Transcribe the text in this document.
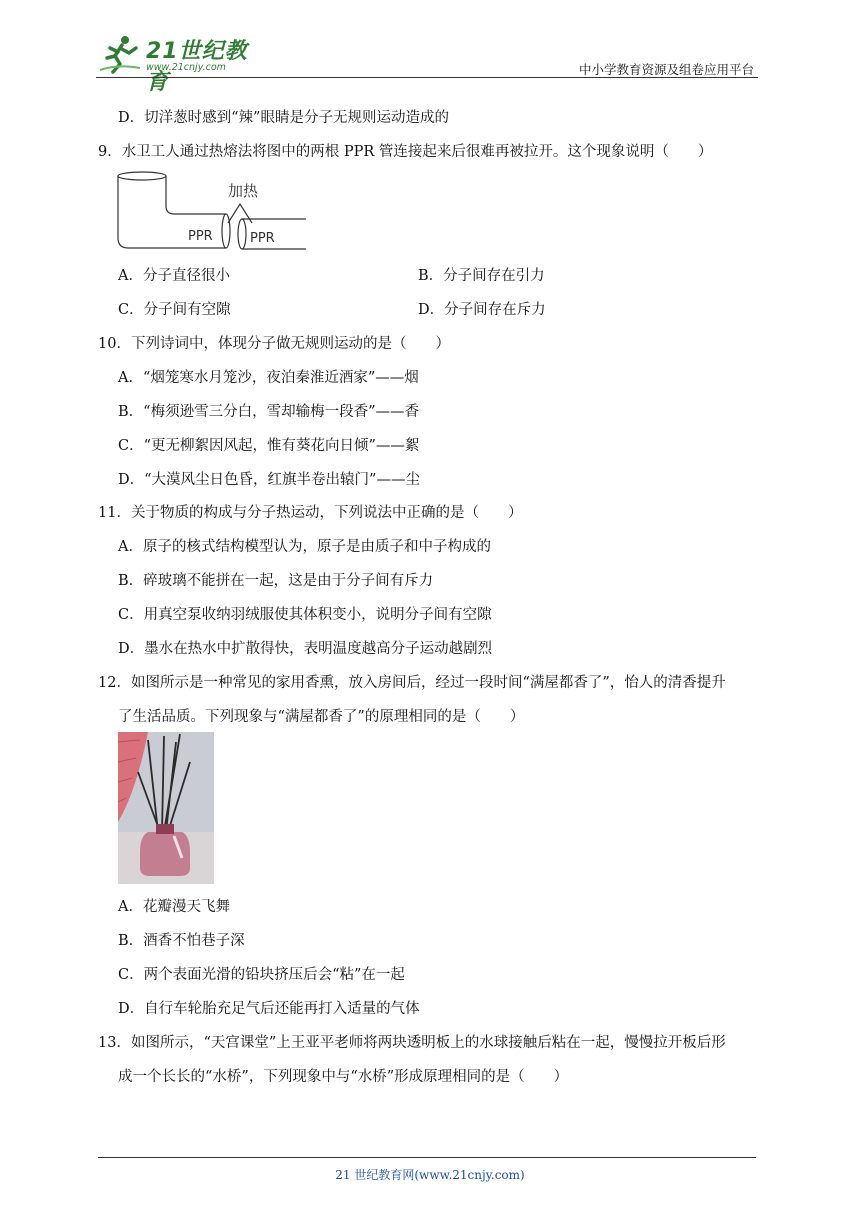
21世纪教育
www.21cnjy.com	中小学教育资源及组卷应用平台
D．切洋葱时感到“辣”眼睛是分子无规则运动造成的
9．水卫工人通过热熔法将图中的两根 PPR 管连接起来后很难再被拉开。这个现象说明（　　）
加热
PPR	PPR
A．分子直径很小	B．分子间存在引力
C．分子间有空隙	D．分子间存在斥力
10．下列诗词中，体现分子做无规则运动的是（　　）
A．“烟笼寒水月笼沙，夜泊秦淮近酒家”——烟
B．“梅须逊雪三分白，雪却输梅一段香”——香
C．“更无柳絮因风起，惟有葵花向日倾”——絮
D．“大漠风尘日色昏，红旗半卷出辕门”——尘
11．关于物质的构成与分子热运动，下列说法中正确的是（　　）
A．原子的核式结构模型认为，原子是由质子和中子构成的
B．碎玻璃不能拼在一起，这是由于分子间有斥力
C．用真空泵收纳羽绒服使其体积变小，说明分子间有空隙
D．墨水在热水中扩散得快，表明温度越高分子运动越剧烈
12．如图所示是一种常见的家用香熏，放入房间后，经过一段时间“满屋都香了”，怡人的清香提升
了生活品质。下列现象与“满屋都香了”的原理相同的是（　　）
A．花瓣漫天飞舞
B．酒香不怕巷子深
C．两个表面光滑的铅块挤压后会“粘”在一起
D．自行车轮胎充足气后还能再打入适量的气体
13．如图所示，“天宫课堂”上王亚平老师将两块透明板上的水球接触后粘在一起，慢慢拉开板后形
成一个长长的“水桥”，下列现象中与“水桥”形成原理相同的是（　　）
21 世纪教育网(www.21cnjy.com)
